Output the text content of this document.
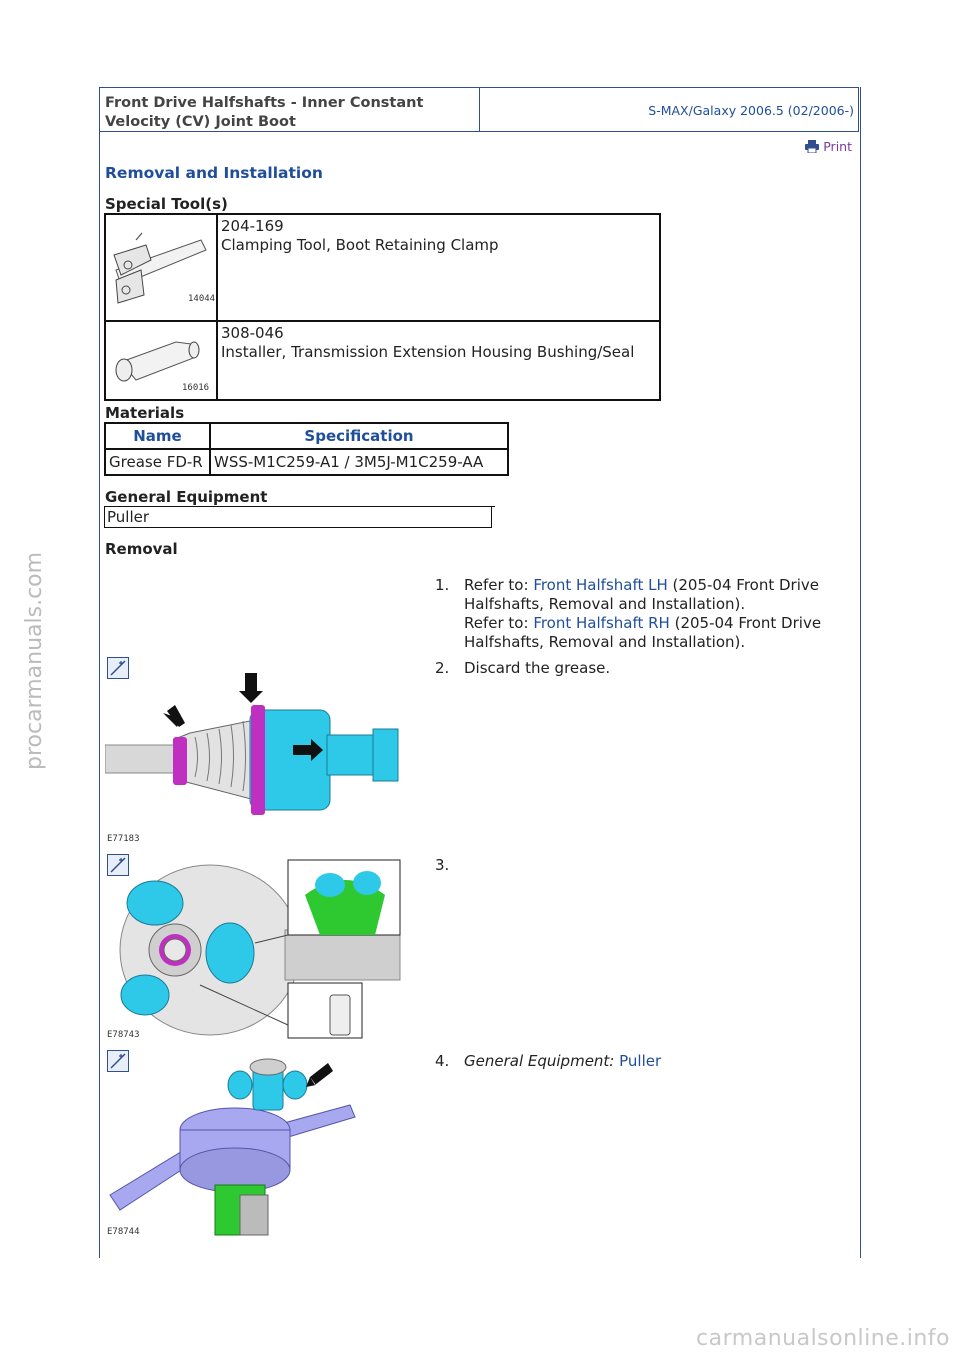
Front Drive Halfshafts - Inner Constant
Velocity (CV) Joint Boot
S-MAX/Galaxy 2006.5 (02/2006-)
Print
Removal and Installation
Special Tool(s)
14044	204-169
Clamping Tool, Boot Retaining Clamp

16016	308-046
Installer, Transmission Extension Housing Bushing/Seal
Materials
Name	Specification
Grease FD-R	WSS-M1C259-A1 / 3M5J-M1C259-AA
General Equipment
Puller
Removal
1. Refer to: Front Halfshaft LH (205-04 Front Drive Halfshafts, Removal and Installation).
Refer to: Front Halfshaft RH (205-04 Front Drive Halfshafts, Removal and Installation).
2. Discard the grease.
E77183
3.
E78743
4. General Equipment: Puller
E78744
procarmanuals.com
carmanualsonline.info
